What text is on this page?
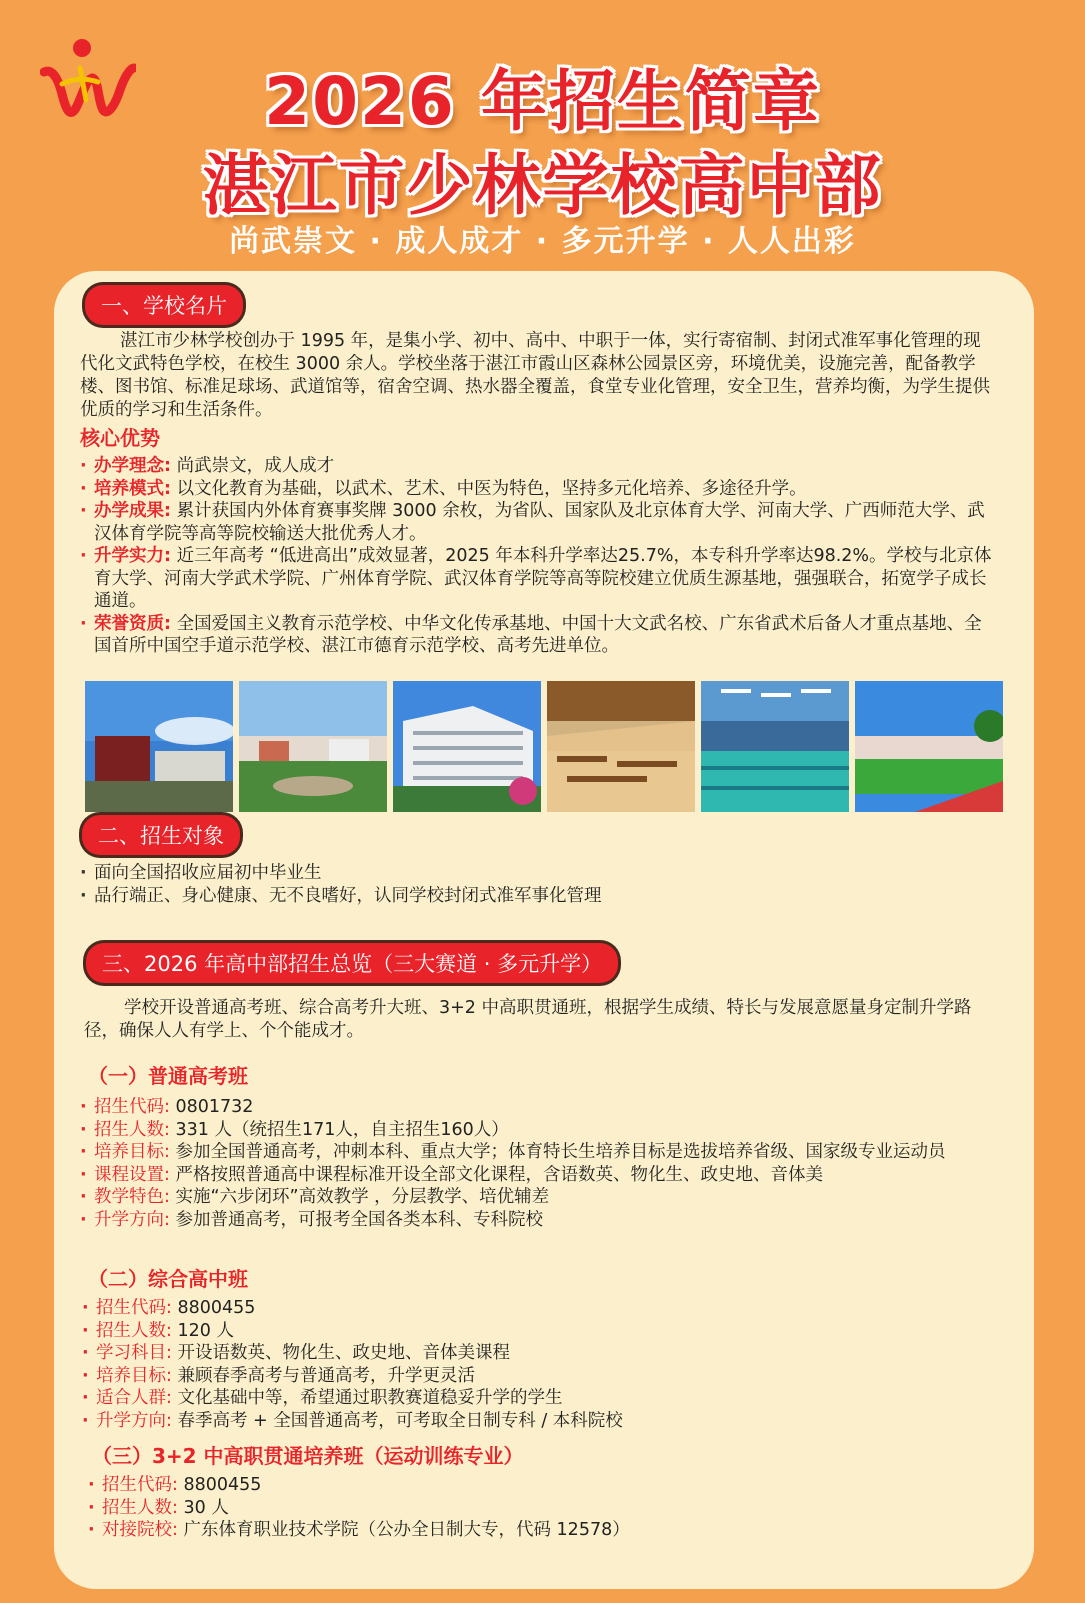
2026 年招生简章
湛江市少林学校高中部
尚武崇文 · 成人成才 · 多元升学 · 人人出彩
一、学校名片
湛江市少林学校创办于 1995 年，是集小学、初中、高中、中职于一体，实行寄宿制、封闭式准军事化管理的现代化文武特色学校，在校生 3000 余人。学校坐落于湛江市霞山区森林公园景区旁，环境优美，设施完善，配备教学楼、图书馆、标准足球场、武道馆等，宿舍空调、热水器全覆盖，食堂专业化管理，安全卫生，营养均衡，为学生提供优质的学习和生活条件。
核心优势
· 办学理念: 尚武崇文，成人成才
· 培养模式: 以文化教育为基础，以武术、艺术、中医为特色，坚持多元化培养、多途径升学。
· 办学成果: 累计获国内外体育赛事奖牌 3000 余枚，为省队、国家队及北京体育大学、河南大学、广西师范大学、武汉体育学院等高等院校输送大批优秀人才。
· 升学实力: 近三年高考 “低进高出”成效显著，2025 年本科升学率达25.7%，本专科升学率达98.2%。学校与北京体育大学、河南大学武术学院、广州体育学院、武汉体育学院等高等院校建立优质生源基地，强强联合，拓宽学子成长通道。
· 荣誉资质: 全国爱国主义教育示范学校、中华文化传承基地、中国十大文武名校、广东省武术后备人才重点基地、全国首所中国空手道示范学校、湛江市德育示范学校、高考先进单位。
二、招生对象
· 面向全国招收应届初中毕业生
· 品行端正、身心健康、无不良嗜好，认同学校封闭式准军事化管理
三、2026 年高中部招生总览（三大赛道 · 多元升学）
学校开设普通高考班、综合高考升大班、3+2 中高职贯通班，根据学生成绩、特长与发展意愿量身定制升学路径，确保人人有学上、个个能成才。
（一）普通高考班
· 招生代码: 0801732
· 招生人数: 331 人（统招生171人，自主招生160人）
· 培养目标: 参加全国普通高考，冲刺本科、重点大学；体育特长生培养目标是选拔培养省级、国家级专业运动员
· 课程设置: 严格按照普通高中课程标准开设全部文化课程，含语数英、物化生、政史地、音体美
· 教学特色: 实施“六步闭环”高效教学 ，分层教学、培优辅差
· 升学方向: 参加普通高考，可报考全国各类本科、专科院校
（二）综合高中班
· 招生代码: 8800455
· 招生人数: 120 人
· 学习科目: 开设语数英、物化生、政史地、音体美课程
· 培养目标: 兼顾春季高考与普通高考，升学更灵活
· 适合人群: 文化基础中等，希望通过职教赛道稳妥升学的学生
· 升学方向: 春季高考 + 全国普通高考，可考取全日制专科 / 本科院校
（三）3+2 中高职贯通培养班（运动训练专业）
· 招生代码: 8800455
· 招生人数: 30 人
· 对接院校: 广东体育职业技术学院（公办全日制大专，代码 12578）
